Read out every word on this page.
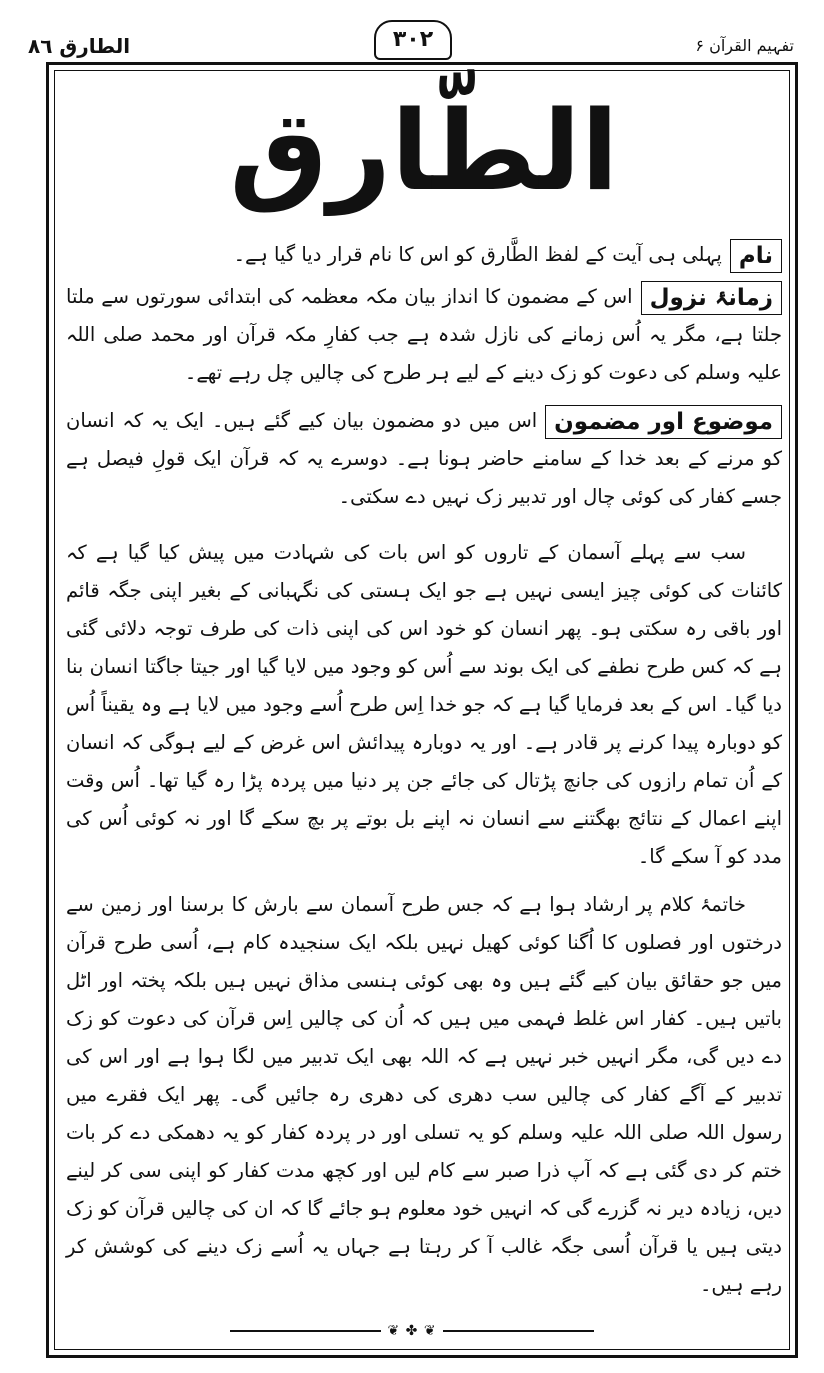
الطارق ٨٦	۳۰۲	تفہیم القرآن ۶
الطّارق

نامپہلی ہی آیت کے لفظ الطَّارق کو اس کا نام قرار دیا گیا ہے۔

زمانۂ نزولاس کے مضمون کا انداز بیان مکہ معظمہ کی ابتدائی سورتوں سے ملتا جلتا ہے، مگر یہ اُس زمانے کی نازل شدہ ہے جب کفارِ مکہ قرآن اور محمد صلی اللہ علیہ وسلم کی دعوت کو زک دینے کے لیے ہر طرح کی چالیں چل رہے تھے۔

موضوع اور مضموناس میں دو مضمون بیان کیے گئے ہیں۔ ایک یہ کہ انسان کو مرنے کے بعد خدا کے سامنے حاضر ہونا ہے۔ دوسرے یہ کہ قرآن ایک قولِ فیصل ہے جسے کفار کی کوئی چال اور تدبیر زک نہیں دے سکتی۔

سب سے پہلے آسمان کے تاروں کو اس بات کی شہادت میں پیش کیا گیا ہے کہ کائنات کی کوئی چیز ایسی نہیں ہے جو ایک ہستی کی نگہبانی کے بغیر اپنی جگہ قائم اور باقی رہ سکتی ہو۔ پھر انسان کو خود اس کی اپنی ذات کی طرف توجہ دلائی گئی ہے کہ کس طرح نطفے کی ایک بوند سے اُس کو وجود میں لایا گیا اور جیتا جاگتا انسان بنا دیا گیا۔ اس کے بعد فرمایا گیا ہے کہ جو خدا اِس طرح اُسے وجود میں لایا ہے وہ یقیناً اُس کو دوبارہ پیدا کرنے پر قادر ہے۔ اور یہ دوبارہ پیدائش اس غرض کے لیے ہوگی کہ انسان کے اُن تمام رازوں کی جانچ پڑتال کی جائے جن پر دنیا میں پردہ پڑا رہ گیا تھا۔ اُس وقت اپنے اعمال کے نتائج بھگتنے سے انسان نہ اپنے بل بوتے پر بچ سکے گا اور نہ کوئی اُس کی مدد کو آ سکے گا۔

خاتمۂ کلام پر ارشاد ہوا ہے کہ جس طرح آسمان سے بارش کا برسنا اور زمین سے درختوں اور فصلوں کا اُگنا کوئی کھیل نہیں بلکہ ایک سنجیدہ کام ہے، اُسی طرح قرآن میں جو حقائق بیان کیے گئے ہیں وہ بھی کوئی ہنسی مذاق نہیں ہیں بلکہ پختہ اور اٹل باتیں ہیں۔ کفار اس غلط فہمی میں ہیں کہ اُن کی چالیں اِس قرآن کی دعوت کو زک دے دیں گی، مگر انہیں خبر نہیں ہے کہ اللہ بھی ایک تدبیر میں لگا ہوا ہے اور اس کی تدبیر کے آگے کفار کی چالیں سب دھری کی دھری رہ جائیں گی۔ پھر ایک فقرے میں رسول اللہ صلی اللہ علیہ وسلم کو یہ تسلی اور در پردہ کفار کو یہ دھمکی دے کر بات ختم کر دی گئی ہے کہ آپ ذرا صبر سے کام لیں اور کچھ مدت کفار کو اپنی سی کر لینے دیں، زیادہ دیر نہ گزرے گی کہ انہیں خود معلوم ہو جائے گا کہ ان کی چالیں قرآن کو زک دیتی ہیں یا قرآن اُسی جگہ غالب آ کر رہتا ہے جہاں یہ اُسے زک دینے کی کوشش کر رہے ہیں۔

❦ ✤ ❦
